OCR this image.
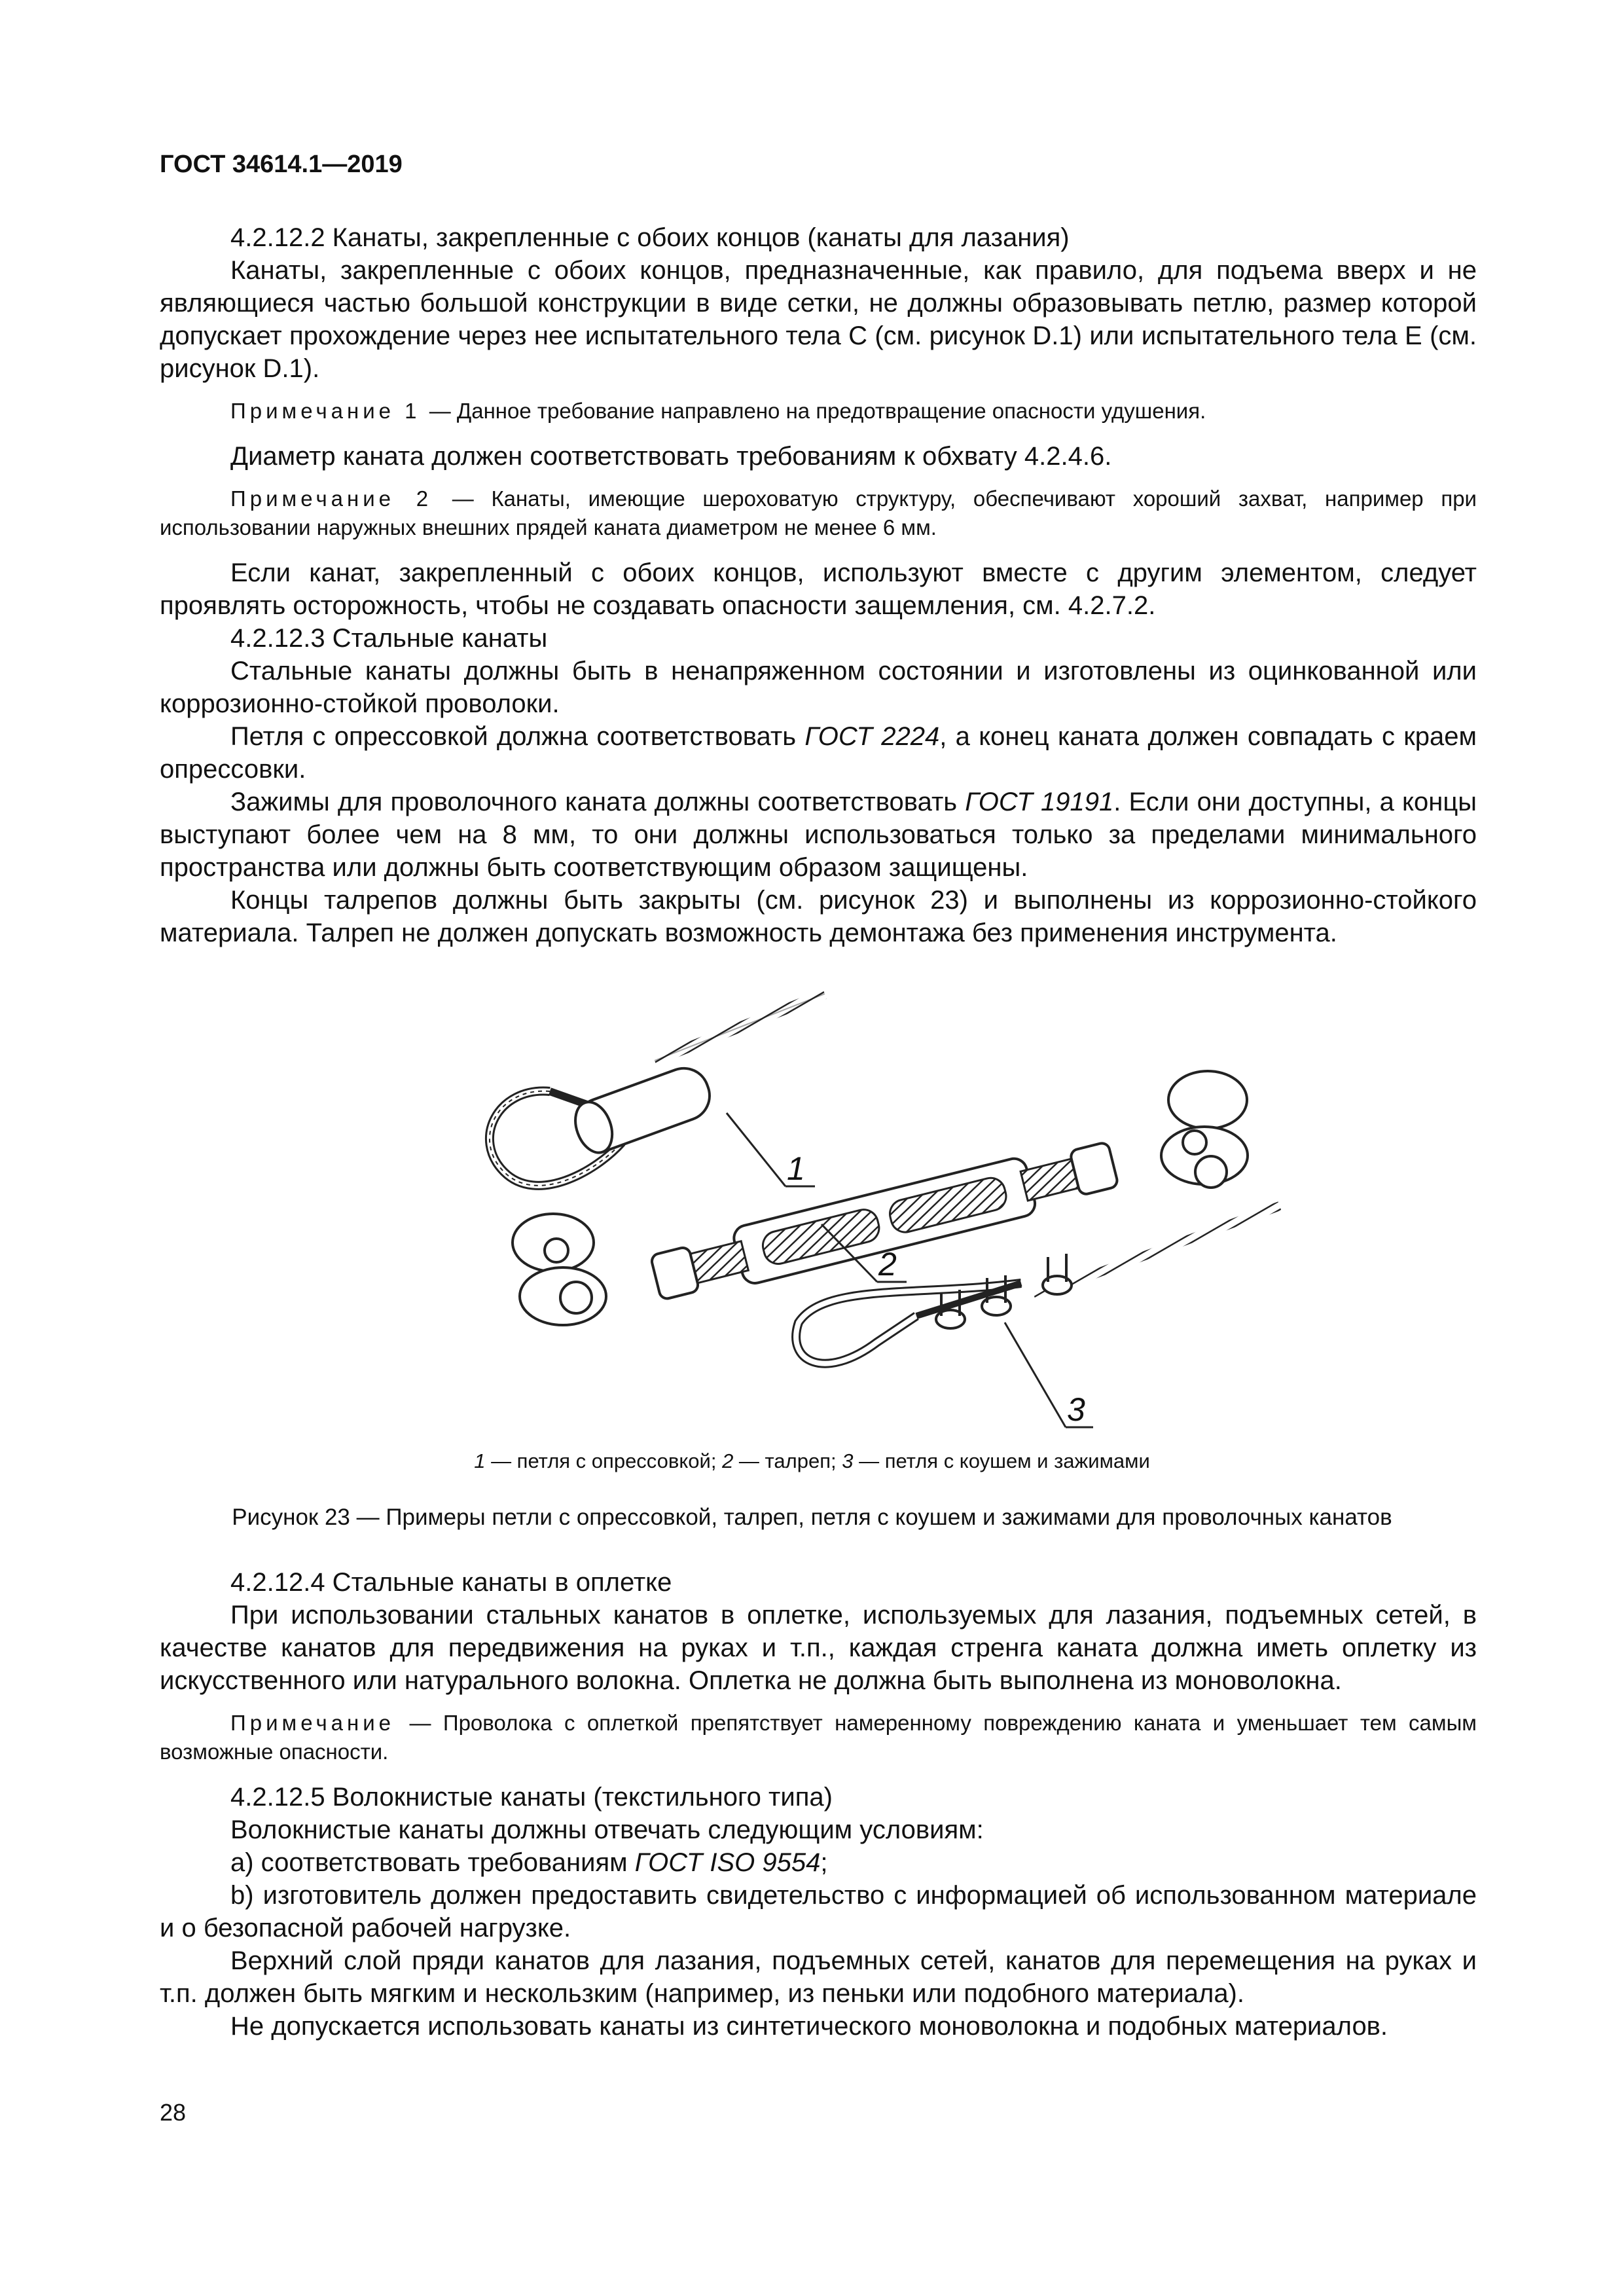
ГОСТ 34614.1—2019

4.2.12.2 Канаты, закрепленные с обоих концов (канаты для лазания)

Канаты, закрепленные с обоих концов, предназначенные, как правило, для подъема вверх и не являющиеся частью большой конструкции в виде сетки, не должны образовывать петлю, размер которой допускает прохождение через нее испытательного тела С (см. рисунок D.1) или испытательного тела Е (см. рисунок D.1).

Примечание 1 — Данное требование направлено на предотвращение опасности удушения.

Диаметр каната должен соответствовать требованиям к обхвату 4.2.4.6.

Примечание 2 — Канаты, имеющие шероховатую структуру, обеспечивают хороший захват, например при использовании наружных внешних прядей каната диаметром не менее 6 мм.

Если канат, закрепленный с обоих концов, используют вместе с другим элементом, следует проявлять осторожность, чтобы не создавать опасности защемления, см. 4.2.7.2.

4.2.12.3 Стальные канаты

Стальные канаты должны быть в ненапряженном состоянии и изготовлены из оцинкованной или коррозионно-стойкой проволоки.

Петля с опрессовкой должна соответствовать ГОСТ 2224, а конец каната должен совпадать с краем опрессовки.

Зажимы для проволочного каната должны соответствовать ГОСТ 19191. Если они доступны, а концы выступают более чем на 8 мм, то они должны использоваться только за пределами минимального пространства или должны быть соответствующим образом защищены.

Концы талрепов должны быть закрыты (см. рисунок 23) и выполнены из коррозионно-стойкого материала. Талреп не должен допускать возможность демонтажа без применения инструмента.

1
2
3
1 — петля с опрессовкой; 2 — талреп; 3 — петля с коушем и зажимами
Рисунок 23 — Примеры петли с опрессовкой, талреп, петля с коушем и зажимами для проволочных канатов

4.2.12.4 Стальные канаты в оплетке

При использовании стальных канатов в оплетке, используемых для лазания, подъемных сетей, в качестве канатов для передвижения на руках и т.п., каждая стренга каната должна иметь оплетку из искусственного или натурального волокна. Оплетка не должна быть выполнена из моноволокна.

Примечание — Проволока с оплеткой препятствует намеренному повреждению каната и уменьшает тем самым возможные опасности.

4.2.12.5 Волокнистые канаты (текстильного типа)

Волокнистые канаты должны отвечать следующим условиям:

а) соответствовать требованиям ГОСТ ISO 9554;

b) изготовитель должен предоставить свидетельство с информацией об использованном материале и о безопасной рабочей нагрузке.

Верхний слой пряди канатов для лазания, подъемных сетей, канатов для перемещения на руках и т.п. должен быть мягким и нескользким (например, из пеньки или подобного материала).

Не допускается использовать канаты из синтетического моноволокна и подобных материалов.

28
